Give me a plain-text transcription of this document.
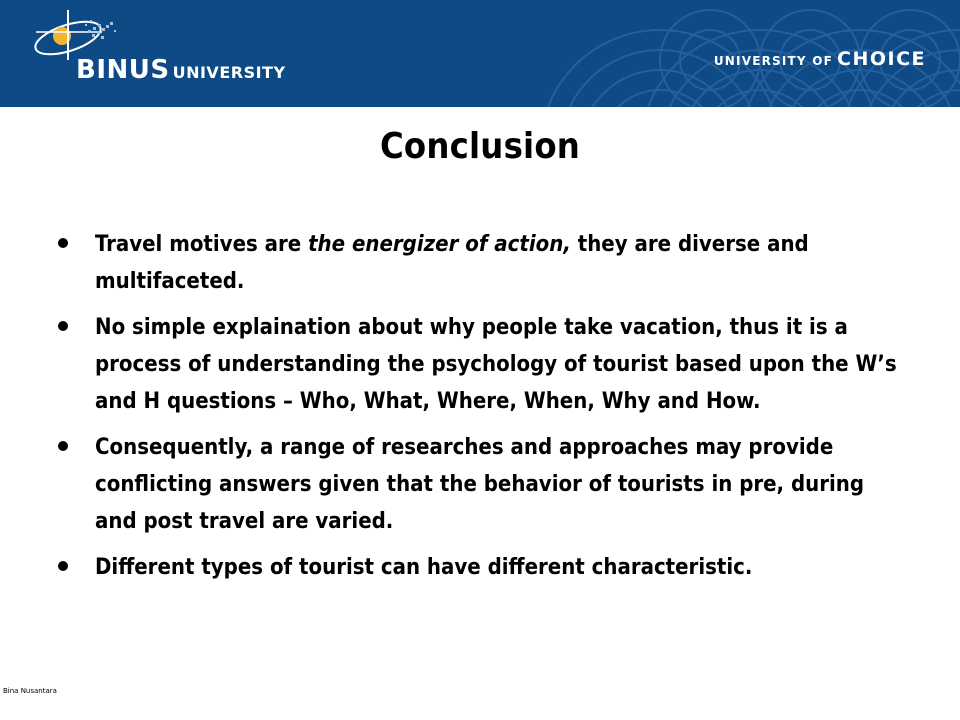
BINUS UNIVERSITY
UNIVERSITY OF CHOICE
Conclusion
Travel motives are the energizer of action, they are diverse and multifaceted.
No simple explaination about why people take vacation, thus it is a process of understanding the psychology of tourist based upon the W’s and H questions – Who, What, Where, When, Why and How.
Consequently, a range of researches and approaches may provide conflicting answers given that the behavior of tourists in pre, during and post travel are varied.
Different types of tourist can have different characteristic.
Bina Nusantara
